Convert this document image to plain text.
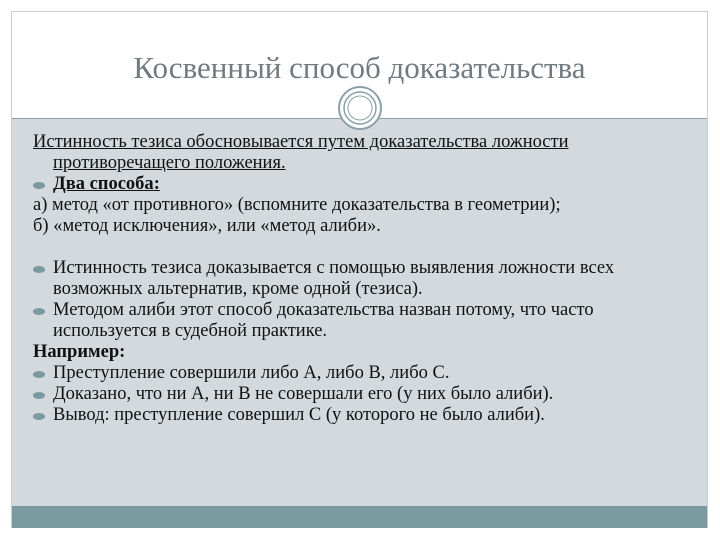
Косвенный способ доказательства

Истинность тезиса обосновывается путем доказательства ложности противоречащего положения.

Два способа:

а) метод «от противного» (вспомните доказательства в геометрии);

б) «метод исключения», или «метод алиби».

Истинность тезиса доказывается с помощью выявления ложности всех возможных альтернатив, кроме одной (тезиса).
Методом алиби этот способ доказательства назван потому, что часто используется в судебной практике.

Например:

Преступление совершили либо А, либо В, либо С.
Доказано, что ни А, ни В не совершали его (у них было алиби).
Вывод: преступление совершил С (у которого не было алиби).
